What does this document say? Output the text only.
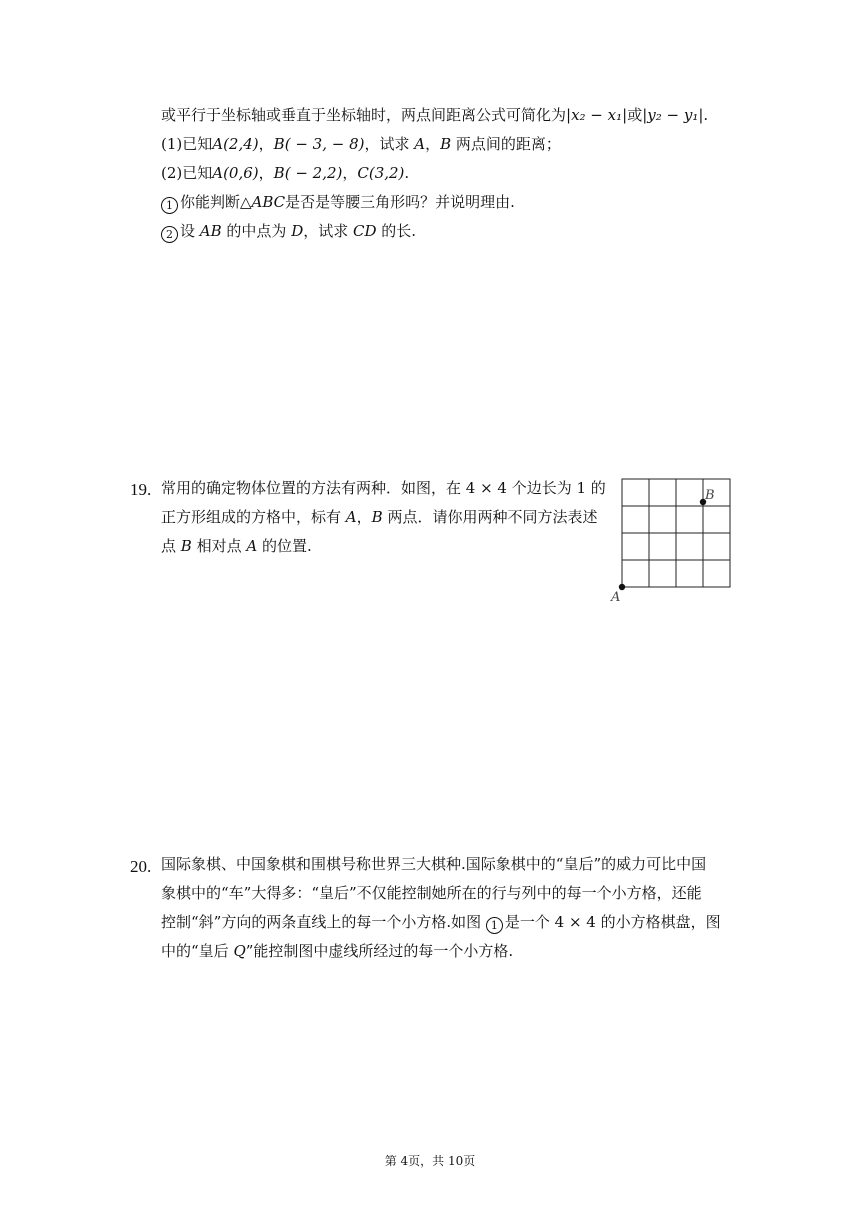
或平行于坐标轴或垂直于坐标轴时，两点间距离公式可简化为|x₂ − x₁|或|y₂ − y₁|.
(1)已知A(2,4)，B( − 3, − 8)，试求 A，B 两点间的距离；
(2)已知A(0,6)，B( − 2,2)，C(3,2).
1 你能判断△ABC是否是等腰三角形吗？并说明理由.
2 设 AB 的中点为 D，试求 CD 的长.
19. 常用的确定物体位置的方法有两种．如图，在 4 × 4 个边长为 1 的
正方形组成的方格中，标有 A，B 两点．请你用两种不同方法表述
点 B 相对点 A 的位置.
A
B
20. 国际象棋、中国象棋和围棋号称世界三大棋种.国际象棋中的“皇后”的威力可比中国
象棋中的“车”大得多：“皇后”不仅能控制她所在的行与列中的每一个小方格，还能
控制“斜”方向的两条直线上的每一个小方格.如图 1 是一个 4 × 4 的小方格棋盘，图
中的“皇后 Q”能控制图中虚线所经过的每一个小方格.
第 4页，共 10页
